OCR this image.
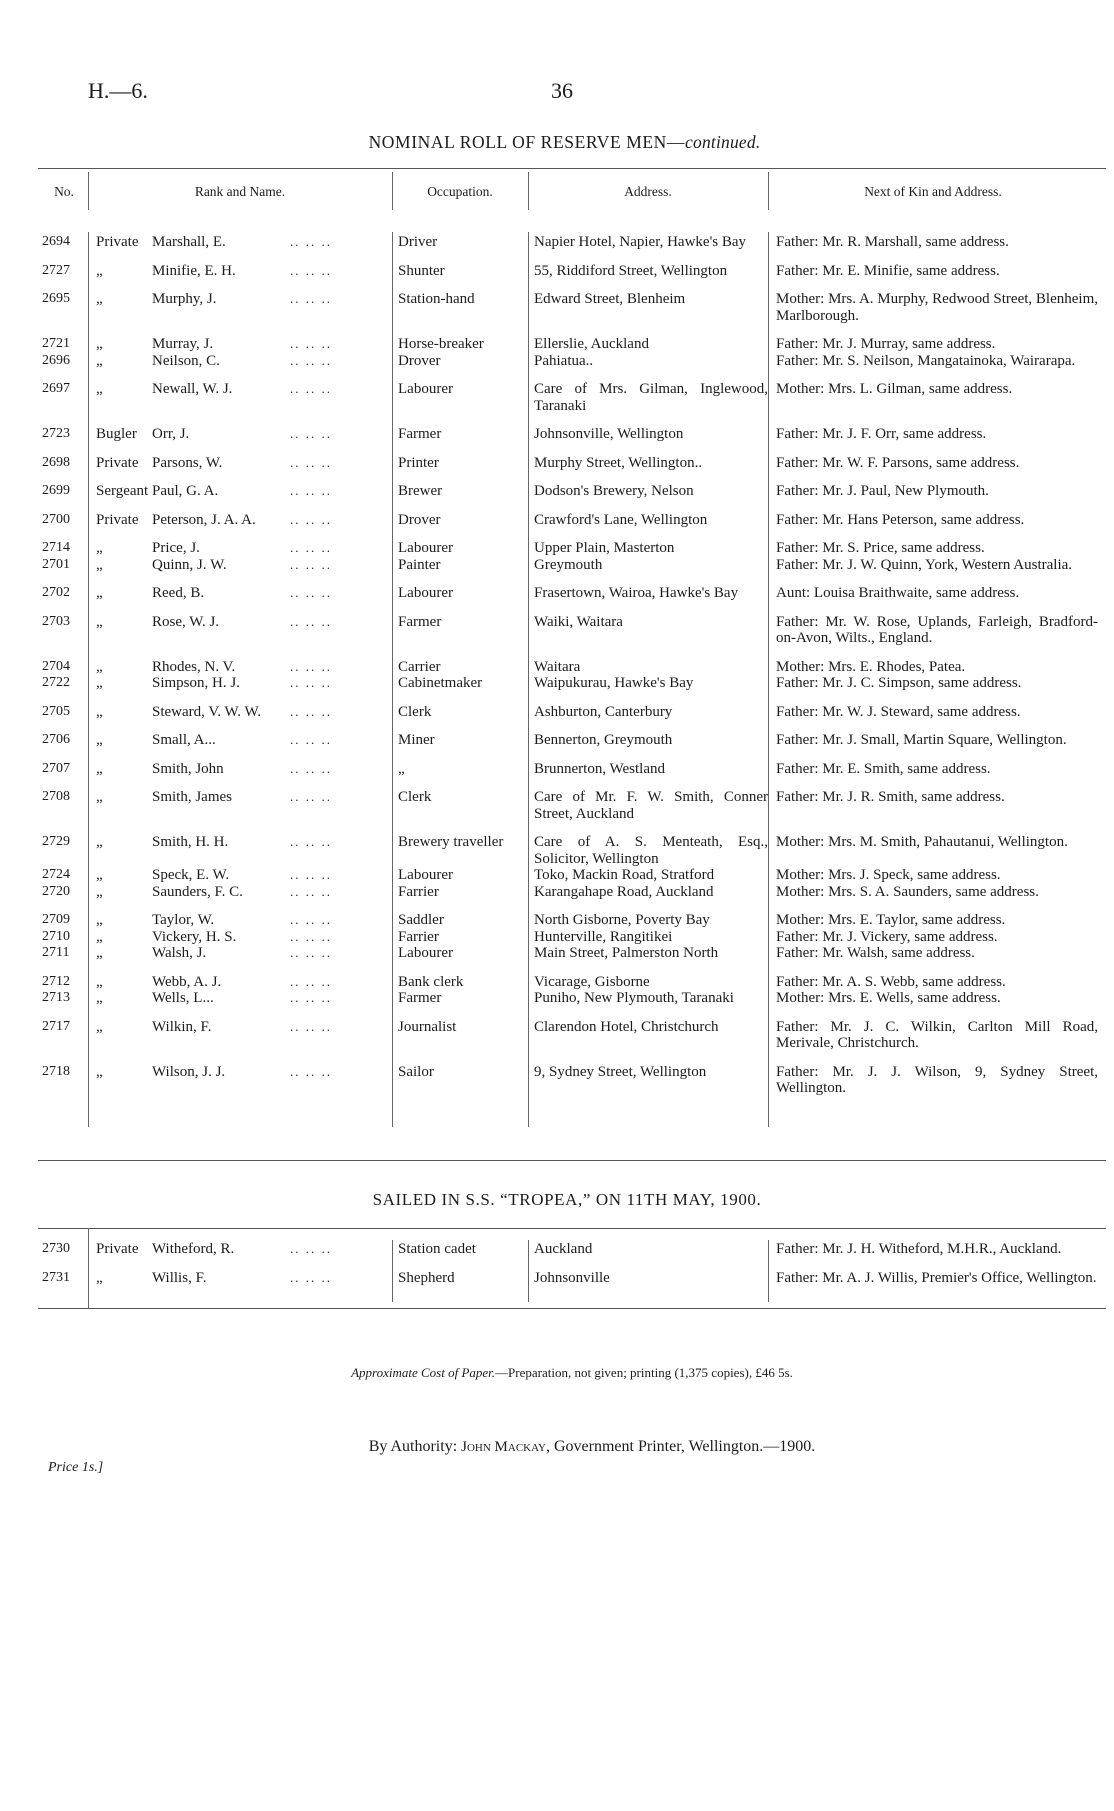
H.—6.	36
NOMINAL ROLL OF RESERVE MEN—continued.
No.	Rank and Name.	Occupation.	Address.	Next of Kin and Address.
2694	Private	Marshall, E.	.. .. ..	Driver	Napier Hotel, Napier, Hawke's Bay	Father: Mr. R. Marshall, same address.
2727	„	Minifie, E. H.	.. .. ..	Shunter	55, Riddiford Street, Wellington	Father: Mr. E. Minifie, same address.
2695	„	Murphy, J.	.. .. ..	Station-hand	Edward Street, Blenheim	Mother: Mrs. A. Murphy, Redwood Street, Blenheim, Marlborough.
2721	„	Murray, J.	.. .. ..	Horse-breaker	Ellerslie, Auckland	Father: Mr. J. Murray, same address.
2696	„	Neilson, C.	.. .. ..	Drover	Pahiatua..	Father: Mr. S. Neilson, Mangatainoka, Wairarapa.
2697	„	Newall, W. J.	.. .. ..	Labourer	Care of Mrs. Gilman, Inglewood, Taranaki	Mother: Mrs. L. Gilman, same address.
2723	Bugler	Orr, J.	.. .. ..	Farmer	Johnsonville, Wellington	Father: Mr. J. F. Orr, same address.
2698	Private	Parsons, W.	.. .. ..	Printer	Murphy Street, Wellington..	Father: Mr. W. F. Parsons, same address.
2699	Sergeant	Paul, G. A.	.. .. ..	Brewer	Dodson's Brewery, Nelson	Father: Mr. J. Paul, New Plymouth.
2700	Private	Peterson, J. A. A.	.. .. ..	Drover	Crawford's Lane, Wellington	Father: Mr. Hans Peterson, same address.
2714	„	Price, J.	.. .. ..	Labourer	Upper Plain, Masterton	Father: Mr. S. Price, same address.
2701	„	Quinn, J. W.	.. .. ..	Painter	Greymouth	Father: Mr. J. W. Quinn, York, Western Australia.
2702	„	Reed, B.	.. .. ..	Labourer	Frasertown, Wairoa, Hawke's Bay	Aunt: Louisa Braithwaite, same address.
2703	„	Rose, W. J.	.. .. ..	Farmer	Waiki, Waitara	Father: Mr. W. Rose, Uplands, Farleigh, Bradford-on-Avon, Wilts., England.
2704	„	Rhodes, N. V.	.. .. ..	Carrier	Waitara	Mother: Mrs. E. Rhodes, Patea.
2722	„	Simpson, H. J.	.. .. ..	Cabinetmaker	Waipukurau, Hawke's Bay	Father: Mr. J. C. Simpson, same address.
2705	„	Steward, V. W. W.	.. .. ..	Clerk	Ashburton, Canterbury	Father: Mr. W. J. Steward, same address.
2706	„	Small, A...	.. .. ..	Miner	Bennerton, Greymouth	Father: Mr. J. Small, Martin Square, Wellington.
2707	„	Smith, John	.. .. ..	„	Brunnerton, Westland	Father: Mr. E. Smith, same address.
2708	„	Smith, James	.. .. ..	Clerk	Care of Mr. F. W. Smith, Conner Street, Auckland	Father: Mr. J. R. Smith, same address.
2729	„	Smith, H. H.	.. .. ..	Brewery traveller	Care of A. S. Menteath, Esq., Solicitor, Wellington	Mother: Mrs. M. Smith, Pahautanui, Wellington.
2724	„	Speck, E. W.	.. .. ..	Labourer	Toko, Mackin Road, Stratford	Mother: Mrs. J. Speck, same address.
2720	„	Saunders, F. C.	.. .. ..	Farrier	Karangahape Road, Auckland	Mother: Mrs. S. A. Saunders, same address.
2709	„	Taylor, W.	.. .. ..	Saddler	North Gisborne, Poverty Bay	Mother: Mrs. E. Taylor, same address.
2710	„	Vickery, H. S.	.. .. ..	Farrier	Hunterville, Rangitikei	Father: Mr. J. Vickery, same address.
2711	„	Walsh, J.	.. .. ..	Labourer	Main Street, Palmerston North	Father: Mr. Walsh, same address.
2712	„	Webb, A. J.	.. .. ..	Bank clerk	Vicarage, Gisborne	Father: Mr. A. S. Webb, same address.
2713	„	Wells, L...	.. .. ..	Farmer	Puniho, New Plymouth, Taranaki	Mother: Mrs. E. Wells, same address.
2717	„	Wilkin, F.	.. .. ..	Journalist	Clarendon Hotel, Christchurch	Father: Mr. J. C. Wilkin, Carlton Mill Road, Merivale, Christchurch.
2718	„	Wilson, J. J.	.. .. ..	Sailor	9, Sydney Street, Wellington	Father: Mr. J. J. Wilson, 9, Sydney Street, Wellington.
SAILED IN S.S. “TROPEA,” ON 11TH MAY, 1900.
2730	Private	Witheford, R.	.. .. ..	Station cadet	Auckland	Father: Mr. J. H. Witheford, M.H.R., Auckland.
2731	„	Willis, F.	.. .. ..	Shepherd	Johnsonville	Father: Mr. A. J. Willis, Premier's Office, Wellington.
Approximate Cost of Paper.—Preparation, not given; printing (1,375 copies), £46 5s.
By Authority: John Mackay, Government Printer, Wellington.—1900.
Price 1s.]
